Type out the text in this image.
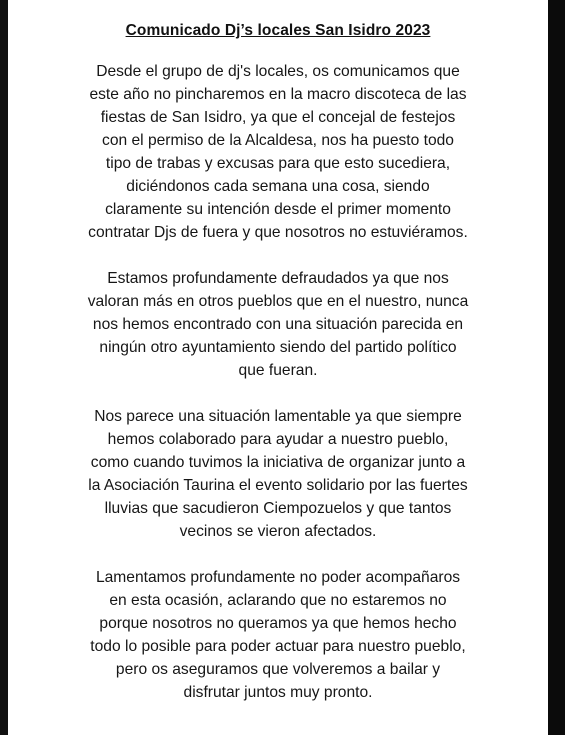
Comunicado Dj’s locales San Isidro 2023

Desde el grupo de dj's locales, os comunicamos que
este año no pincharemos en la macro discoteca de las
fiestas de San Isidro, ya que el concejal de festejos
con el permiso de la Alcaldesa, nos ha puesto todo
tipo de trabas y excusas para que esto sucediera,
diciéndonos cada semana una cosa, siendo
claramente su intención desde el primer momento
contratar Djs de fuera y que nosotros no estuviéramos.

Estamos profundamente defraudados ya que nos
valoran más en otros pueblos que en el nuestro, nunca
nos hemos encontrado con una situación parecida en
ningún otro ayuntamiento siendo del partido político
que fueran.

Nos parece una situación lamentable ya que siempre
hemos colaborado para ayudar a nuestro pueblo,
como cuando tuvimos la iniciativa de organizar junto a
la Asociación Taurina el evento solidario por las fuertes
lluvias que sacudieron Ciempozuelos y que tantos
vecinos se vieron afectados.

Lamentamos profundamente no poder acompañaros
en esta ocasión, aclarando que no estaremos no
porque nosotros no queramos ya que hemos hecho
todo lo posible para poder actuar para nuestro pueblo,
pero os aseguramos que volveremos a bailar y
disfrutar juntos muy pronto.
